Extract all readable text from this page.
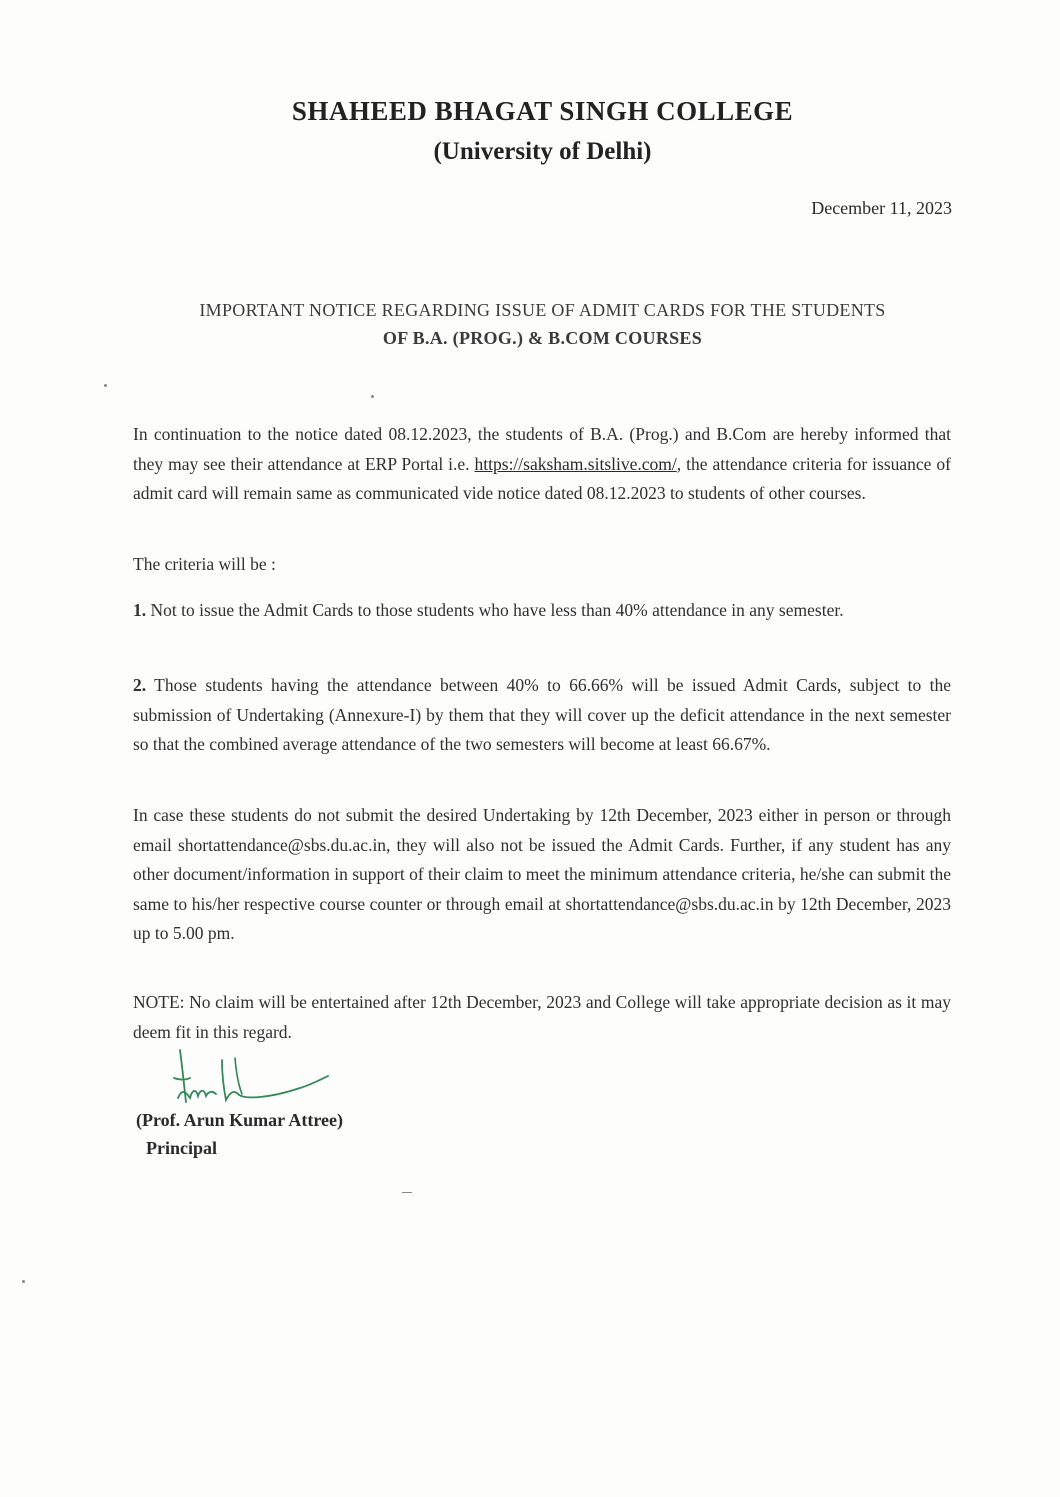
SHAHEED BHAGAT SINGH COLLEGE
(University of Delhi)
December 11, 2023
IMPORTANT NOTICE REGARDING ISSUE OF ADMIT CARDS FOR THE STUDENTS
OF B.A. (PROG.) & B.COM COURSES
In continuation to the notice dated 08.12.2023, the students of B.A. (Prog.) and B.Com are hereby informed that they may see their attendance at ERP Portal i.e. https://saksham.sitslive.com/, the attendance criteria for issuance of admit card will remain same as communicated vide notice dated 08.12.2023 to students of other courses.
The criteria will be :
1. Not to issue the Admit Cards to those students who have less than 40% attendance in any semester.
2. Those students having the attendance between 40% to 66.66% will be issued Admit Cards, subject to the submission of Undertaking (Annexure-I) by them that they will cover up the deficit attendance in the next semester so that the combined average attendance of the two semesters will become at least 66.67%.
In case these students do not submit the desired Undertaking by 12th December, 2023 either in person or through email shortattendance@sbs.du.ac.in, they will also not be issued the Admit Cards. Further, if any student has any other document/information in support of their claim to meet the minimum attendance criteria, he/she can submit the same to his/her respective course counter or through email at shortattendance@sbs.du.ac.in by 12th December, 2023 up to 5.00 pm.
NOTE: No claim will be entertained after 12th December, 2023 and College will take appropriate decision as it may deem fit in this regard.
(Prof. Arun Kumar Attree)
Principal
